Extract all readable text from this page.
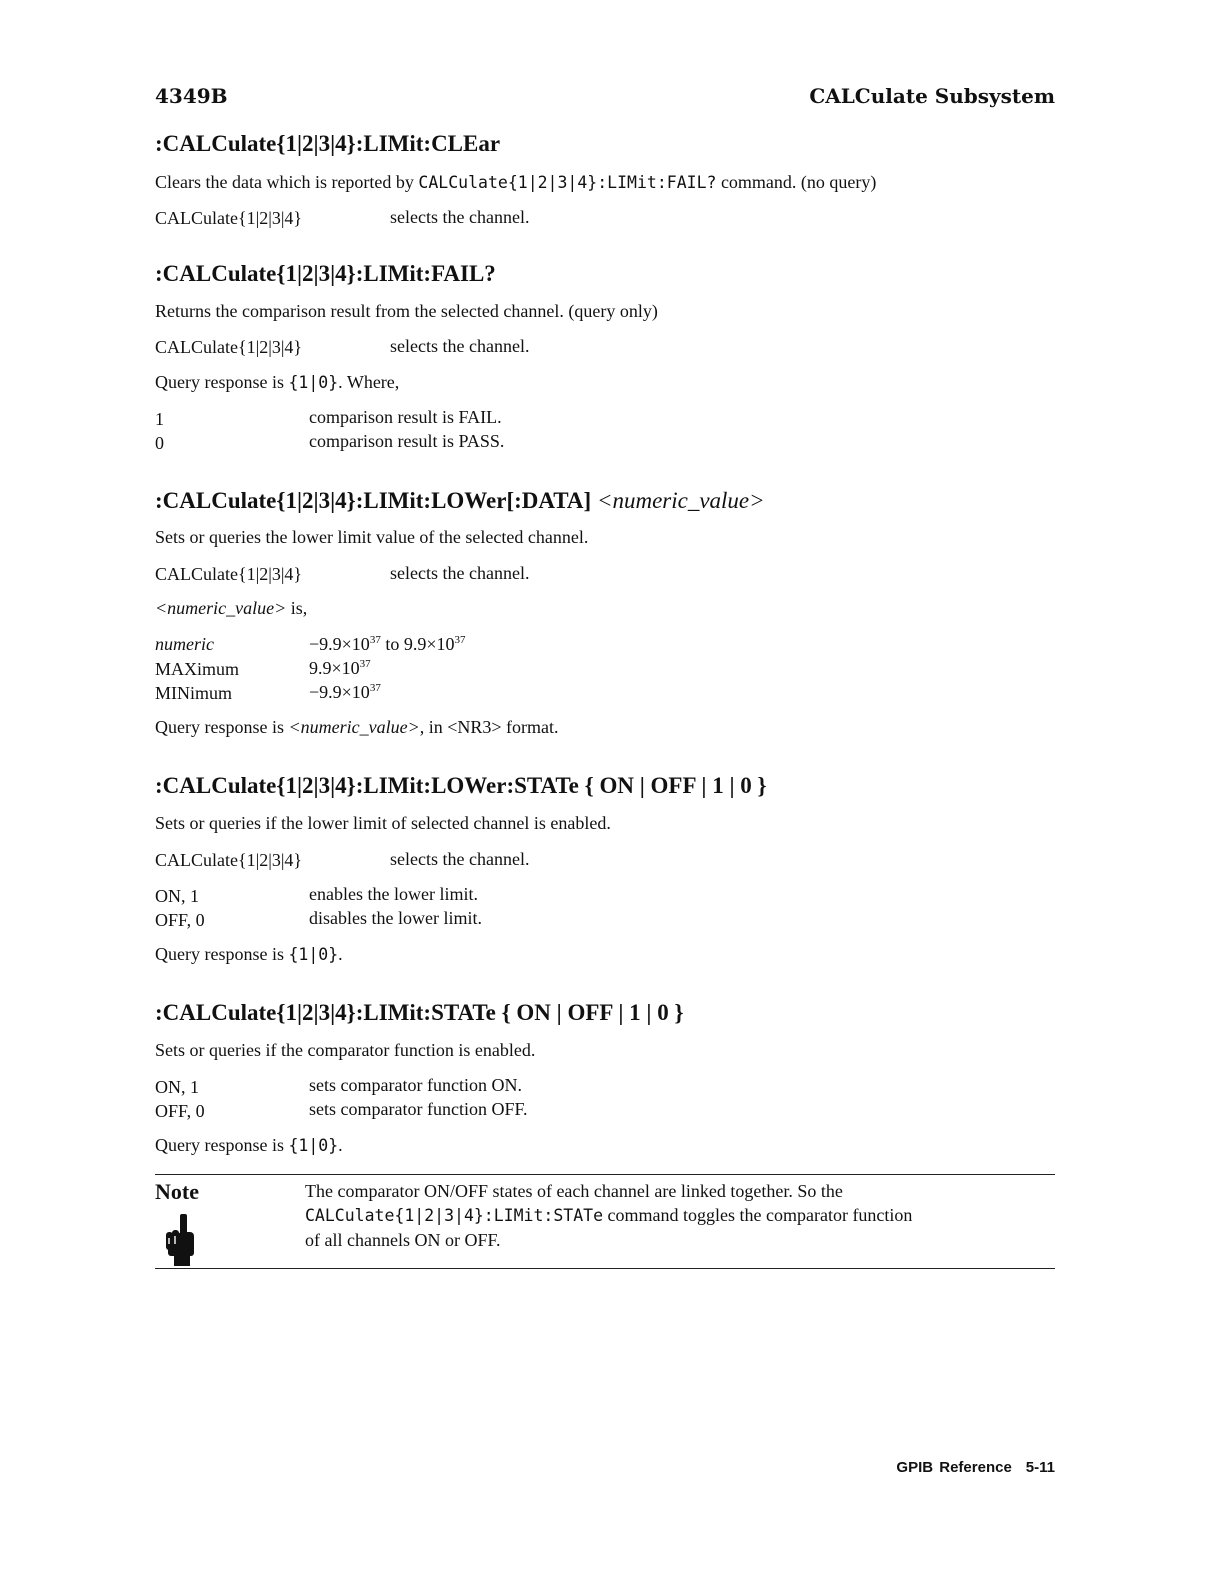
4349B	CALCulate Subsystem
:CALCulate{1|2|3|4}:LIMit:CLEar
Clears the data which is reported by CALCulate{1|2|3|4}:LIMit:FAIL? command. (no query)
CALCulate{1|2|3|4}	selects the channel.
:CALCulate{1|2|3|4}:LIMit:FAIL?
Returns the comparison result from the selected channel. (query only)
CALCulate{1|2|3|4}	selects the channel.
Query response is {1|0}. Where,
1	comparison result is FAIL.
0	comparison result is PASS.
:CALCulate{1|2|3|4}:LIMit:LOWer[:DATA] <numeric_value>
Sets or queries the lower limit value of the selected channel.
CALCulate{1|2|3|4}	selects the channel.
<numeric_value> is,
numeric	$-9.9\times 10^{37}$ to $9.9\times 10^{37}$
MAXimum	$9.9\times 10^{37}$
MINimum	$-9.9\times 10^{37}$
Query response is <numeric_value>, in <NR3> format.
:CALCulate{1|2|3|4}:LIMit:LOWer:STATe { ON | OFF | 1 | 0 }
Sets or queries if the lower limit of selected channel is enabled.
CALCulate{1|2|3|4}	selects the channel.
ON, 1	enables the lower limit.
OFF, 0	disables the lower limit.
Query response is {1|0}.
:CALCulate{1|2|3|4}:LIMit:STATe { ON | OFF | 1 | 0 }
Sets or queries if the comparator function is enabled.
ON, 1	sets comparator function ON.
OFF, 0	sets comparator function OFF.
Query response is {1|0}.
Note	The comparator ON/OFF states of each channel are linked together. So the
CALCulate{1|2|3|4}:LIMit:STATe command toggles the comparator function
of all channels ON or OFF.
GPIB Reference 5-11
